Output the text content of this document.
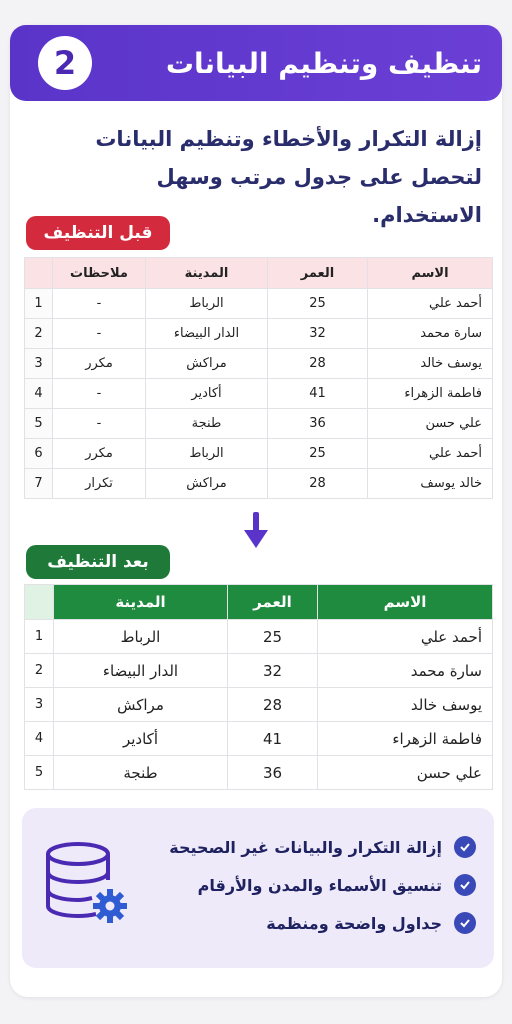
تنظيف وتنظيم البيانات
2

إزالة التكرار والأخطاء وتنظيم البيانات
لتحصل على جدول مرتب وسهل الاستخدام.

قبل التنظيف
الاسم	العمر	المدينة	ملاحظات	
أحمد علي	25	الرباط	-	1
سارة محمد	32	الدار البيضاء	-	2
يوسف خالد	28	مراكش	مكرر	3
فاطمة الزهراء	41	أكادير	-	4
علي حسن	36	طنجة	-	5
أحمد علي	25	الرباط	مكرر	6
خالد يوسف	28	مراكش	تكرار	7
بعد التنظيف
الاسم	العمر	المدينة	
أحمد علي	25	الرباط	1
سارة محمد	32	الدار البيضاء	2
يوسف خالد	28	مراكش	3
فاطمة الزهراء	41	أكادير	4
علي حسن	36	طنجة	5
إزالة التكرار والبيانات غير الصحيحة
تنسيق الأسماء والمدن والأرقام
جداول واضحة ومنظمة
